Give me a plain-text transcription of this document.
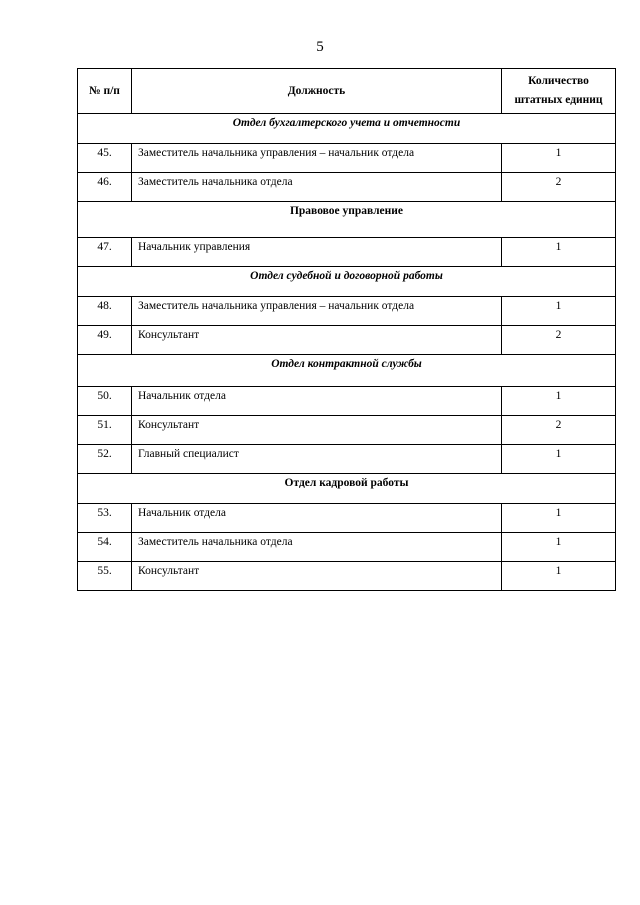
5
№ п/п	Должность	Количество
штатных единиц
Отдел бухгалтерского учета и отчетности		
45.	Заместитель начальника управления – начальник отдела	1
46.	Заместитель начальника отдела	2
Правовое управление		
47.	Начальник управления	1
Отдел судебной и договорной работы		
48.	Заместитель начальника управления – начальник отдела	1
49.	Консультант	2
Отдел контрактной службы		
50.	Начальник отдела	1
51.	Консультант	2
52.	Главный специалист	1
Отдел кадровой работы		
53.	Начальник отдела	1
54.	Заместитель начальника отдела	1
55.	Консультант	1
